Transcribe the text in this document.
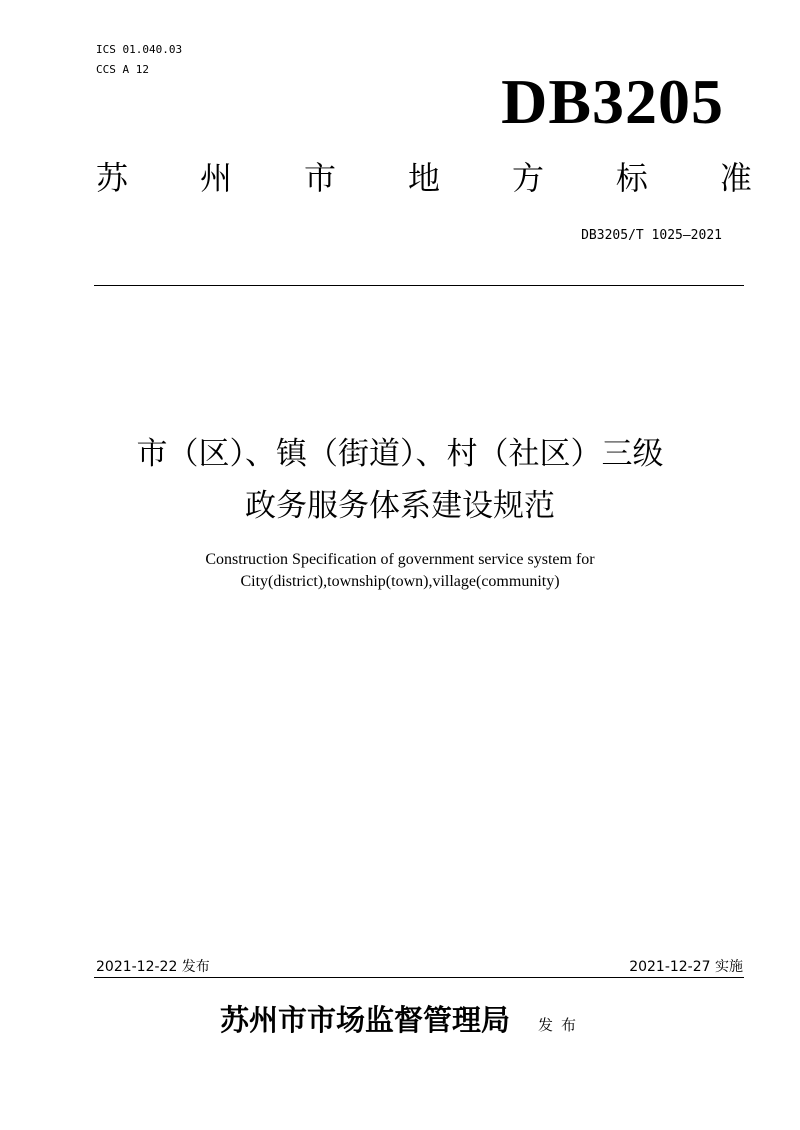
ICS 01.040.03
CCS A 12	DB3205
苏 州 市 地 方 标 准
DB3205/T 1025—2021
市（区）、镇（街道）、村（社区）三级
政务服务体系建设规范
Construction Specification of government service system for
City(district),township(town),village(community)
2021-12-22 发布	2021-12-27 实施
苏州市市场监督管理局 发布
